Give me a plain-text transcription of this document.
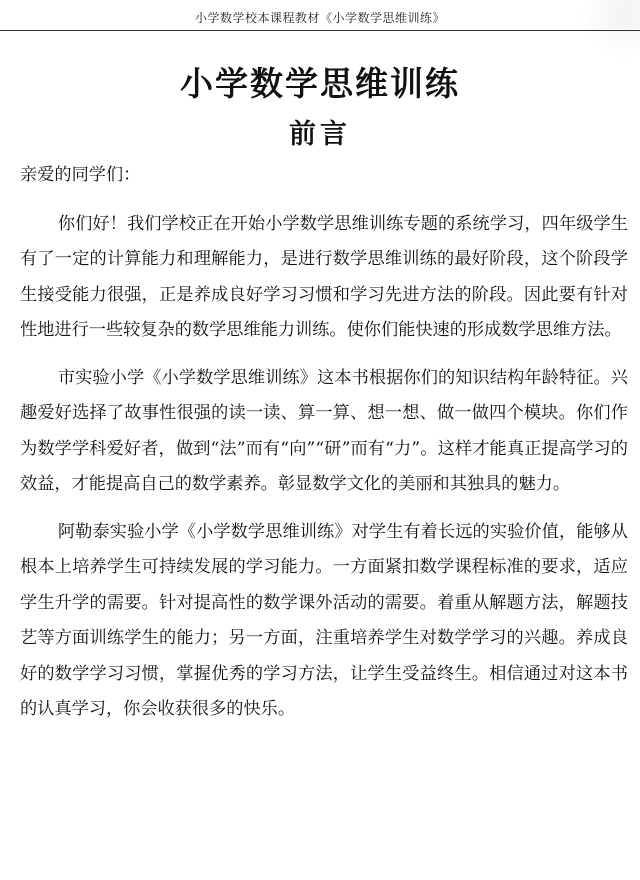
小学数学校本课程教材《小学数学思维训练》
小学数学思维训练
前言

亲爱的同学们：

你们好！我们学校正在开始小学数学思维训练专题的系统学习，四年级学生有了一定的计算能力和理解能力，是进行数学思维训练的最好阶段，这个阶段学生接受能力很强，正是养成良好学习习惯和学习先进方法的阶段。因此要有针对性地进行一些较复杂的数学思维能力训练。使你们能快速的形成数学思维方法。

市实验小学《小学数学思维训练》这本书根据你们的知识结构年龄特征。兴趣爱好选择了故事性很强的读一读、算一算、想一想、做一做四个模块。你们作为数学学科爱好者，做到“法”而有“向”“研”而有“力”。这样才能真正提高学习的效益，才能提高自己的数学素养。彰显数学文化的美丽和其独具的魅力。

阿勒泰实验小学《小学数学思维训练》对学生有着长远的实验价值，能够从根本上培养学生可持续发展的学习能力。一方面紧扣数学课程标准的要求，适应学生升学的需要。针对提高性的数学课外活动的需要。着重从解题方法，解题技艺等方面训练学生的能力；另一方面，注重培养学生对数学学习的兴趣。养成良好的数学学习习惯，掌握优秀的学习方法，让学生受益终生。相信通过对这本书的认真学习，你会收获很多的快乐。
